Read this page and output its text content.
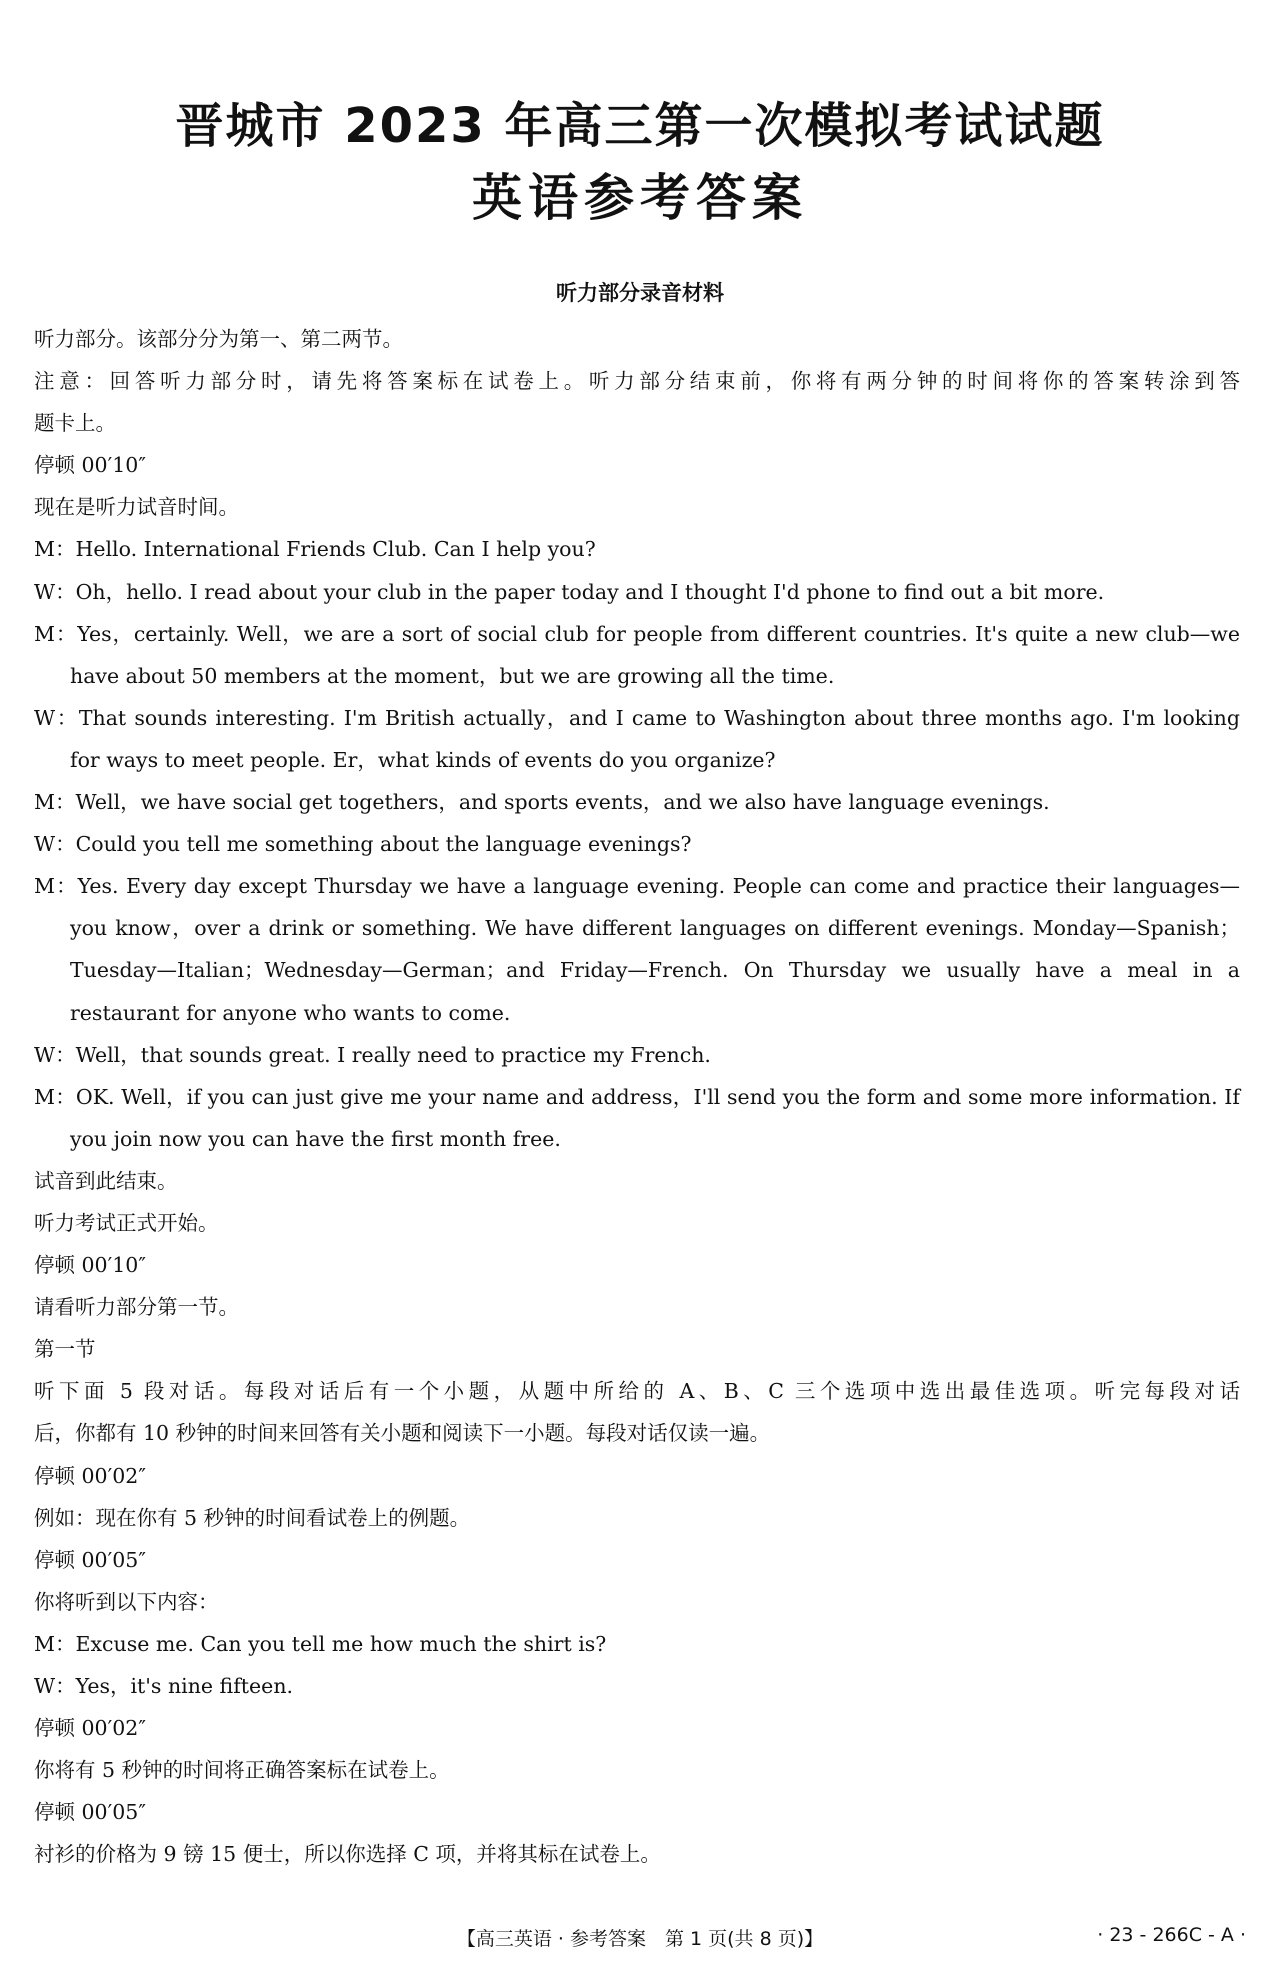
晋城市 2023 年高三第一次模拟考试试题
英语参考答案
听力部分录音材料

听力部分。该部分分为第一、第二两节。

注意：回答听力部分时，请先将答案标在试卷上。听力部分结束前，你将有两分钟的时间将你的答案转涂到答

题卡上。

停顿 00′10″

现在是听力试音时间。

M：Hello. International Friends Club. Can I help you?

W：Oh，hello. I read about your club in the paper today and I thought I'd phone to find out a bit more.

M：Yes，certainly. Well，we are a sort of social club for people from different countries. It's quite a new club—we have about 50 members at the moment，but we are growing all the time.

W：That sounds interesting. I'm British actually，and I came to Washington about three months ago. I'm looking for ways to meet people. Er，what kinds of events do you organize?

M：Well，we have social get togethers，and sports events，and we also have language evenings.

W：Could you tell me something about the language evenings?

M：Yes. Every day except Thursday we have a language evening. People can come and practice their languages—you know，over a drink or something. We have different languages on different evenings. Monday—Spanish；Tuesday—Italian；Wednesday—German；and Friday—French. On Thursday we usually have a meal in a restaurant for anyone who wants to come.

W：Well，that sounds great. I really need to practice my French.

M：OK. Well，if you can just give me your name and address，I'll send you the form and some more information. If you join now you can have the first month free.

试音到此结束。

听力考试正式开始。

停顿 00′10″

请看听力部分第一节。

第一节

听下面 5 段对话。每段对话后有一个小题，从题中所给的 A、B、C 三个选项中选出最佳选项。听完每段对话

后，你都有 10 秒钟的时间来回答有关小题和阅读下一小题。每段对话仅读一遍。

停顿 00′02″

例如：现在你有 5 秒钟的时间看试卷上的例题。

停顿 00′05″

你将听到以下内容：

M：Excuse me. Can you tell me how much the shirt is?

W：Yes，it's nine fifteen.

停顿 00′02″

你将有 5 秒钟的时间将正确答案标在试卷上。

停顿 00′05″

衬衫的价格为 9 镑 15 便士，所以你选择 C 项，并将其标在试卷上。

【高三英语 · 参考答案　第 1 页(共 8 页)】	· 23 - 266C - A ·
